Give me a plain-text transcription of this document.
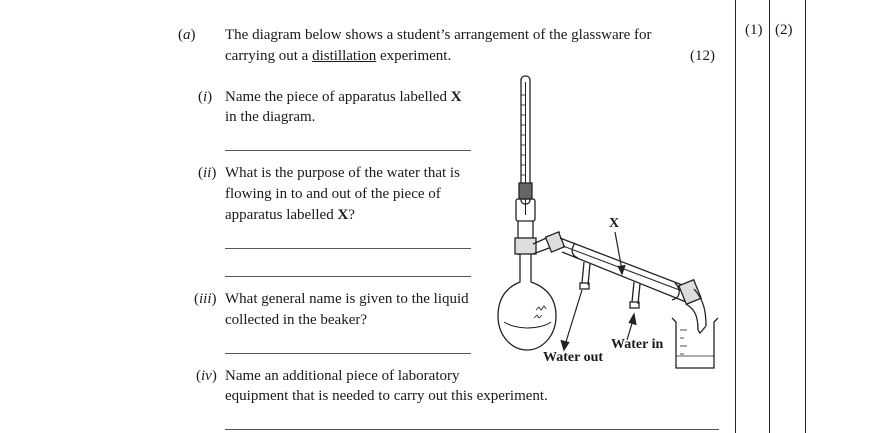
(1) (2)
(a) The diagram below shows a student’s arrangement of the glassware for
carrying out a distillation experiment.	(12)
(i) Name the piece of apparatus labelled X
in the diagram.
(ii) What is the purpose of the water that is
flowing in to and out of the piece of
apparatus labelled X?
(iii) What general name is given to the liquid
collected in the beaker?
(iv) Name an additional piece of laboratory
equipment that is needed to carry out this experiment.
X
Water out
Water in
